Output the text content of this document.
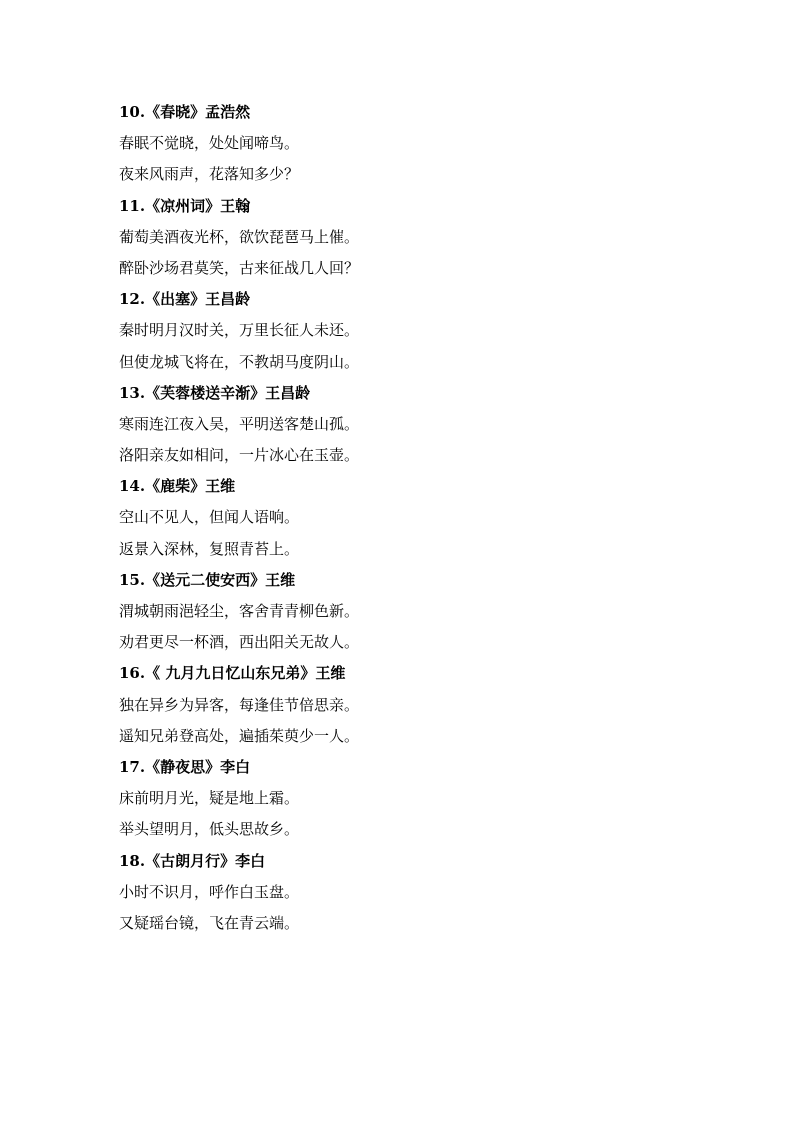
10.《春晓》孟浩然
春眠不觉晓，处处闻啼鸟。
夜来风雨声，花落知多少？
11.《凉州词》王翰
葡萄美酒夜光杯，欲饮琵琶马上催。
醉卧沙场君莫笑，古来征战几人回？
12.《出塞》王昌龄
秦时明月汉时关，万里长征人未还。
但使龙城飞将在，不教胡马度阴山。
13.《芙蓉楼送辛渐》王昌龄
寒雨连江夜入吴，平明送客楚山孤。
洛阳亲友如相问，一片冰心在玉壶。
14.《鹿柴》王维
空山不见人，但闻人语响。
返景入深林，复照青苔上。
15.《送元二使安西》王维
渭城朝雨浥轻尘，客舍青青柳色新。
劝君更尽一杯酒，西出阳关无故人。
16.《 九月九日忆山东兄弟》王维
独在异乡为异客，每逢佳节倍思亲。
遥知兄弟登高处，遍插茱萸少一人。
17.《静夜思》李白
床前明月光，疑是地上霜。
举头望明月，低头思故乡。
18.《古朗月行》李白
小时不识月，呼作白玉盘。
又疑瑶台镜，飞在青云端。
